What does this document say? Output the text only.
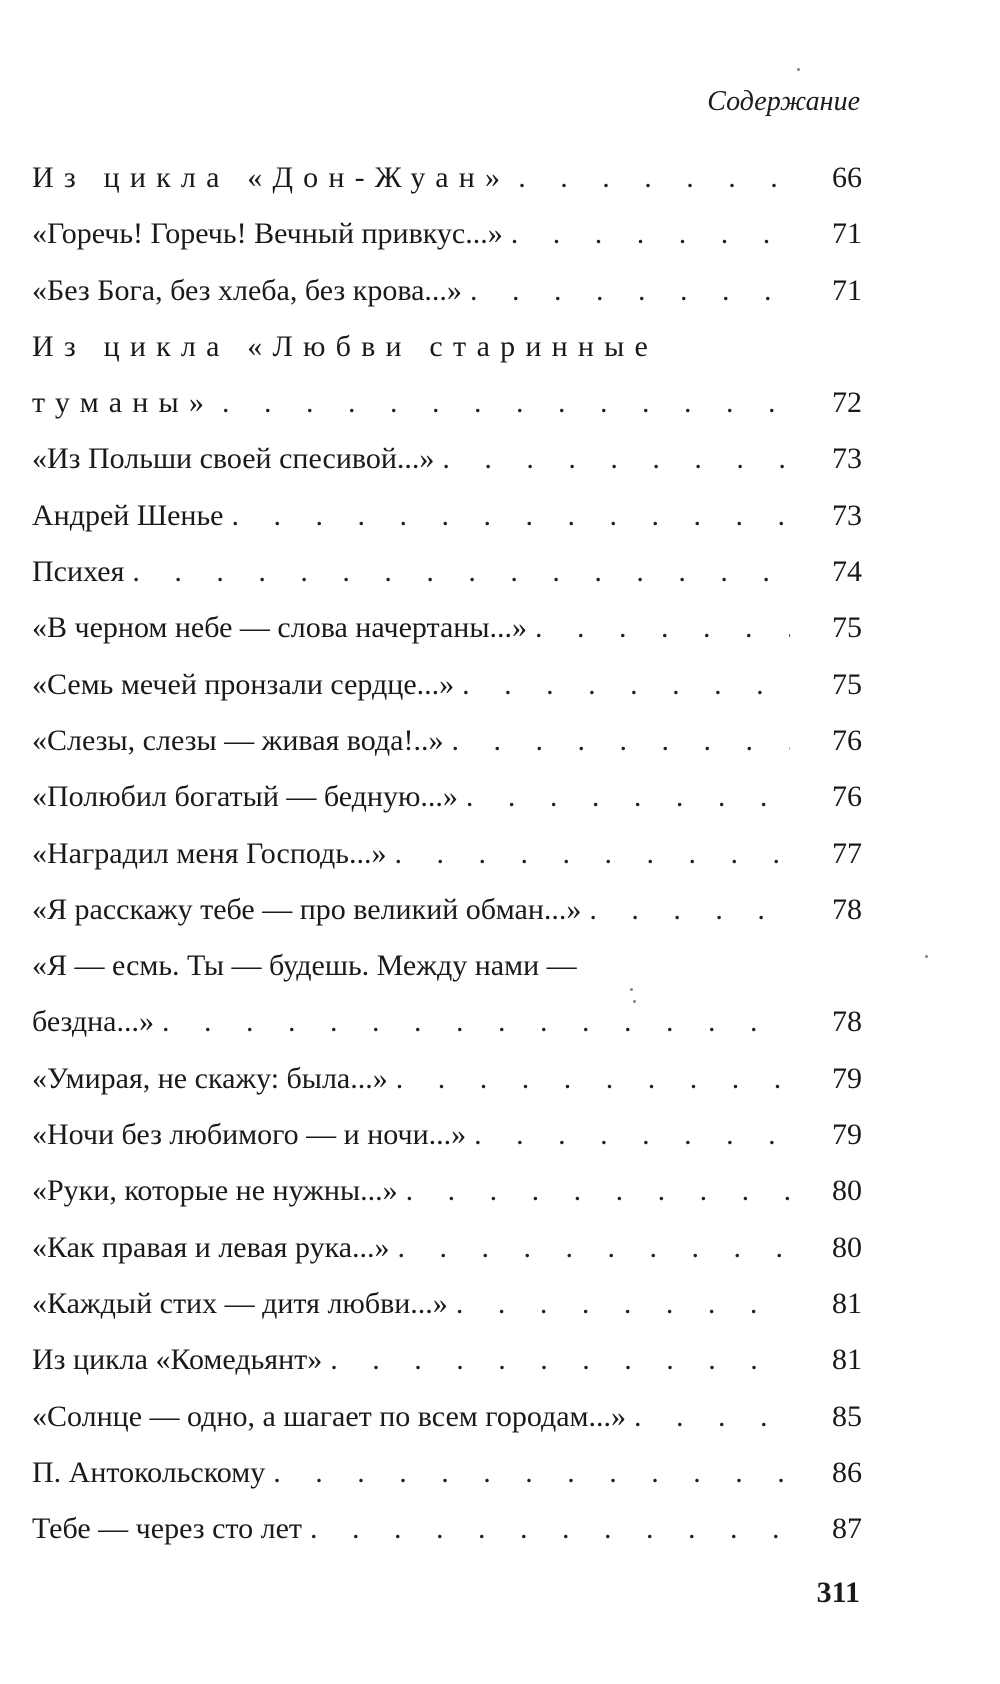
Содержание
Из цикла «Дон-Жуан» . . .	66
«Горечь! Горечь! Вечный привкус...» . . .	71
«Без Бога, без хлеба, без крова...» . . .	71
Из цикла «Любви старинные
туманы» . . .	72
«Из Польши своей спесивой...» . . .	73
Андрей Шенье . . .	73
Психея . . .	74
«В черном небе — слова начертаны...» . . .	75
«Семь мечей пронзали сердце...» . . .	75
«Слезы, слезы — живая вода!..» . . .	76
«Полюбил богатый — бедную...» . . .	76
«Наградил меня Господь...» . . .	77
«Я расскажу тебе — про великий обман...» . . .	78
«Я — есмь. Ты — будешь. Между нами —
бездна...» . . .	78
«Умирая, не скажу: была...» . . .	79
«Ночи без любимого — и ночи...» . . .	79
«Руки, которые не нужны...» . . .	80
«Как правая и левая рука...» . . .	80
«Каждый стих — дитя любви...» . . .	81
Из цикла «Комедьянт» . . .	81
«Солнце — одно, а шагает по всем городам...» . . .	85
П. Антокольскому . . .	86
Тебе — через сто лет . . .	87
311
